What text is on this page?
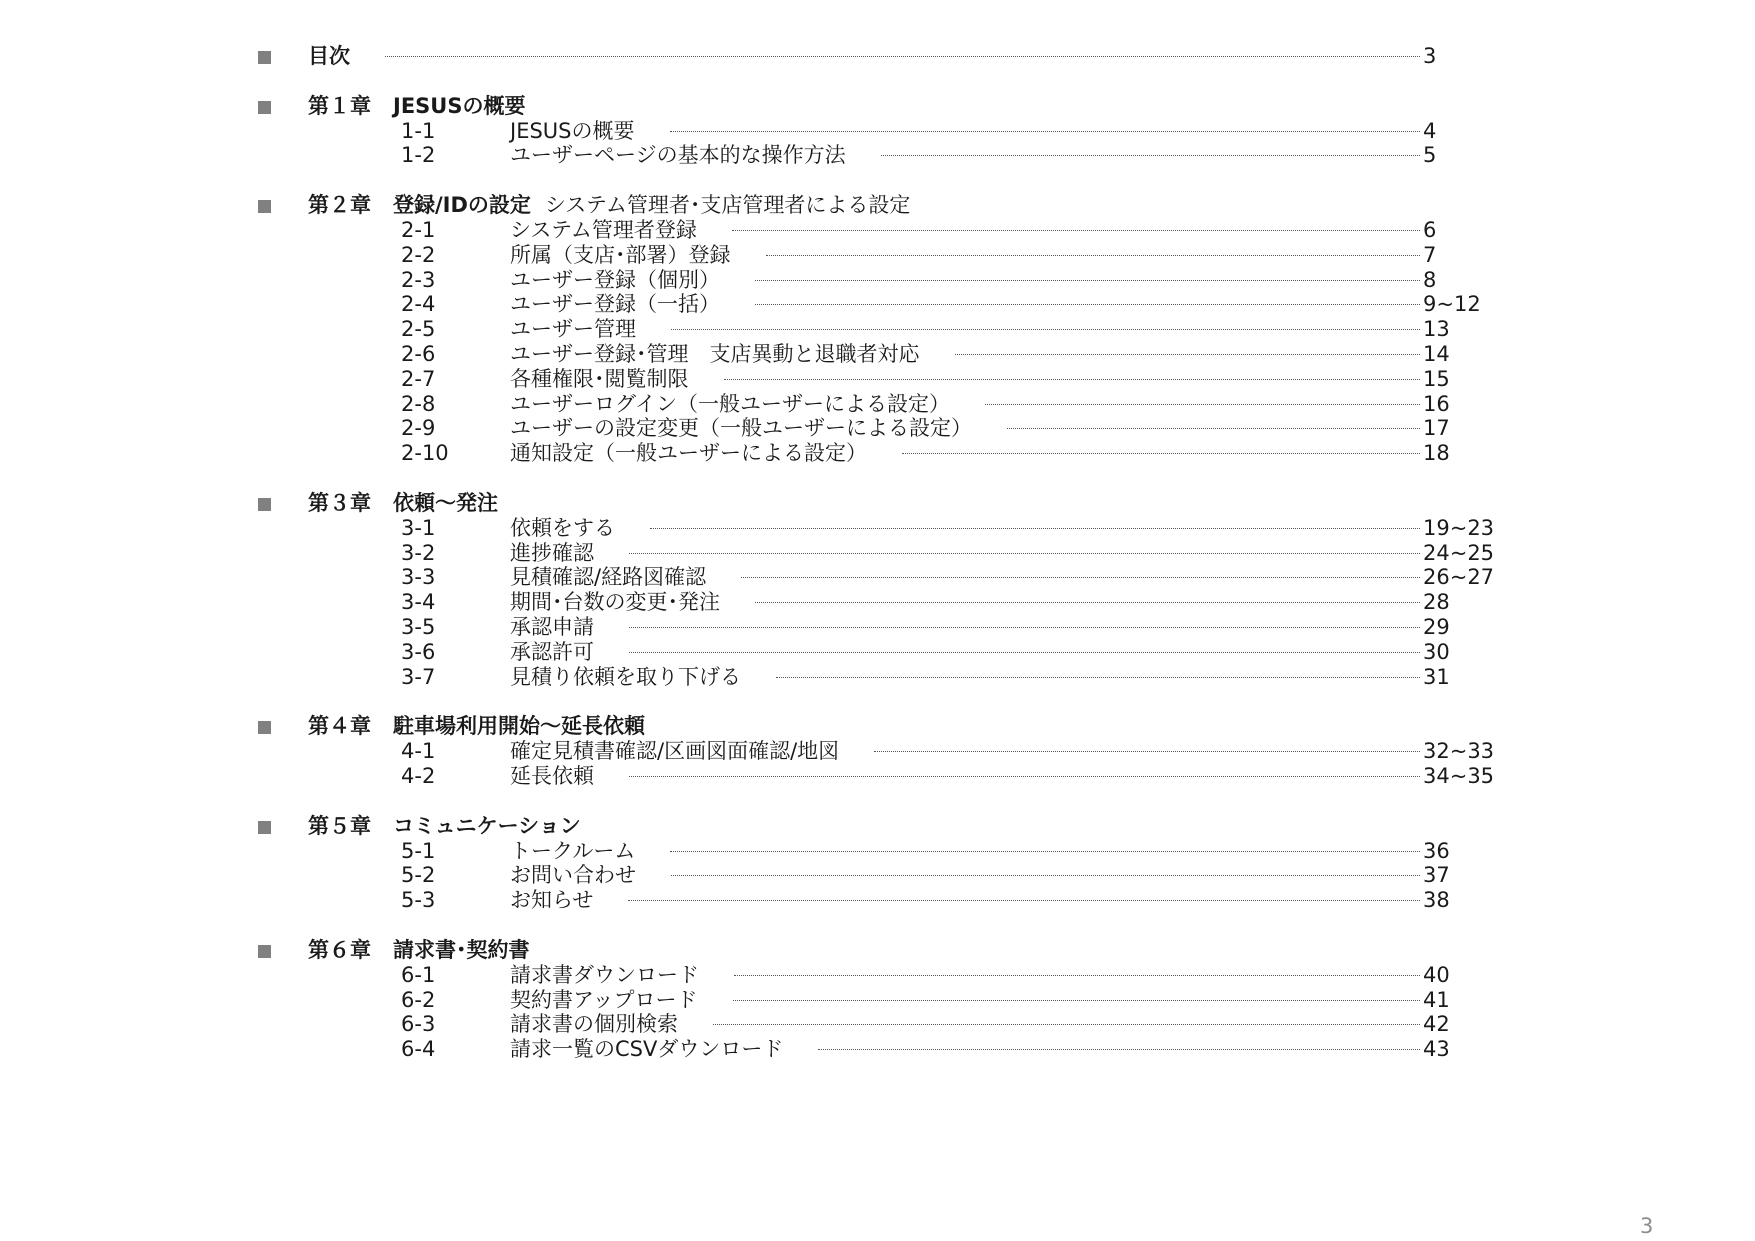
目次	3
第１章 JESUSの概要
1-1	JESUSの概要	4
1-2	ユーザーページの基本的な操作方法	5
第２章 登録/IDの設定 システム管理者･支店管理者による設定
2-1	システム管理者登録	6
2-2	所属（支店･部署）登録	7
2-3	ユーザー登録（個別）	8
2-4	ユーザー登録（一括）	9~12
2-5	ユーザー管理	13
2-6	ユーザー登録･管理　支店異動と退職者対応	14
2-7	各種権限･閲覧制限	15
2-8	ユーザーログイン（一般ユーザーによる設定）	16
2-9	ユーザーの設定変更（一般ユーザーによる設定）	17
2-10	通知設定（一般ユーザーによる設定）	18
第３章 依頼～発注
3-1	依頼をする	19~23
3-2	進捗確認	24~25
3-3	見積確認/経路図確認	26~27
3-4	期間･台数の変更･発注	28
3-5	承認申請	29
3-6	承認許可	30
3-7	見積り依頼を取り下げる	31
第４章 駐車場利用開始～延長依頼
4-1	確定見積書確認/区画図面確認/地図	32~33
4-2	延長依頼	34~35
第５章 コミュニケーション
5-1	トークルーム	36
5-2	お問い合わせ	37
5-3	お知らせ	38
第６章 請求書･契約書
6-1	請求書ダウンロード	40
6-2	契約書アップロード	41
6-3	請求書の個別検索	42
6-4	請求一覧のCSVダウンロード	43
3
